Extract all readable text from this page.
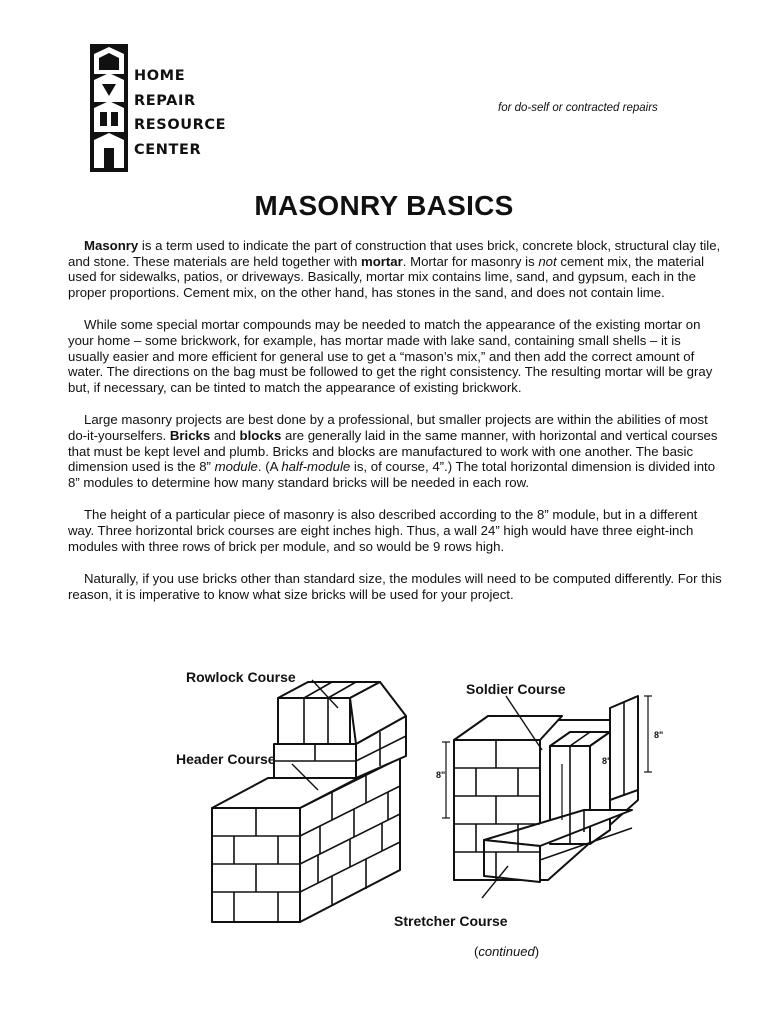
HOME
REPAIR
RESOURCE
CENTER
for do-self or contracted repairs
MASONRY BASICS

Masonry is a term used to indicate the part of construction that uses brick, concrete block, structural clay tile, and stone. These materials are held together with mortar. Mortar for masonry is not cement mix, the material used for sidewalks, patios, or driveways. Basically, mortar mix contains lime, sand, and gypsum, each in the proper proportions. Cement mix, on the other hand, has stones in the sand, and does not contain lime.

While some special mortar compounds may be needed to match the appearance of the existing mortar on your home – some brickwork, for example, has mortar made with lake sand, containing small shells – it is usually easier and more efficient for general use to get a “mason’s mix,” and then add the correct amount of water. The directions on the bag must be followed to get the right consistency. The resulting mortar will be gray but, if necessary, can be tinted to match the appearance of existing brickwork.

Large masonry projects are best done by a professional, but smaller projects are within the abilities of most do-it-yourselfers. Bricks and blocks are generally laid in the same manner, with horizontal and vertical courses that must be kept level and plumb. Bricks and blocks are manufactured to work with one another. The basic dimension used is the 8” module. (A half-module is, of course, 4”.) The total horizontal dimension is divided into 8” modules to determine how many standard bricks will be needed in each row.

The height of a particular piece of masonry is also described according to the 8” module, but in a different way. Three horizontal brick courses are eight inches high. Thus, a wall 24” high would have three eight-inch modules with three rows of brick per module, and so would be 9 rows high.

Naturally, if you use bricks other than standard size, the modules will need to be computed differently. For this reason, it is imperative to know what size bricks will be used for your project.

8"
8"
8"
Rowlock Course
Header Course
Soldier Course
Stretcher Course
(continued)
